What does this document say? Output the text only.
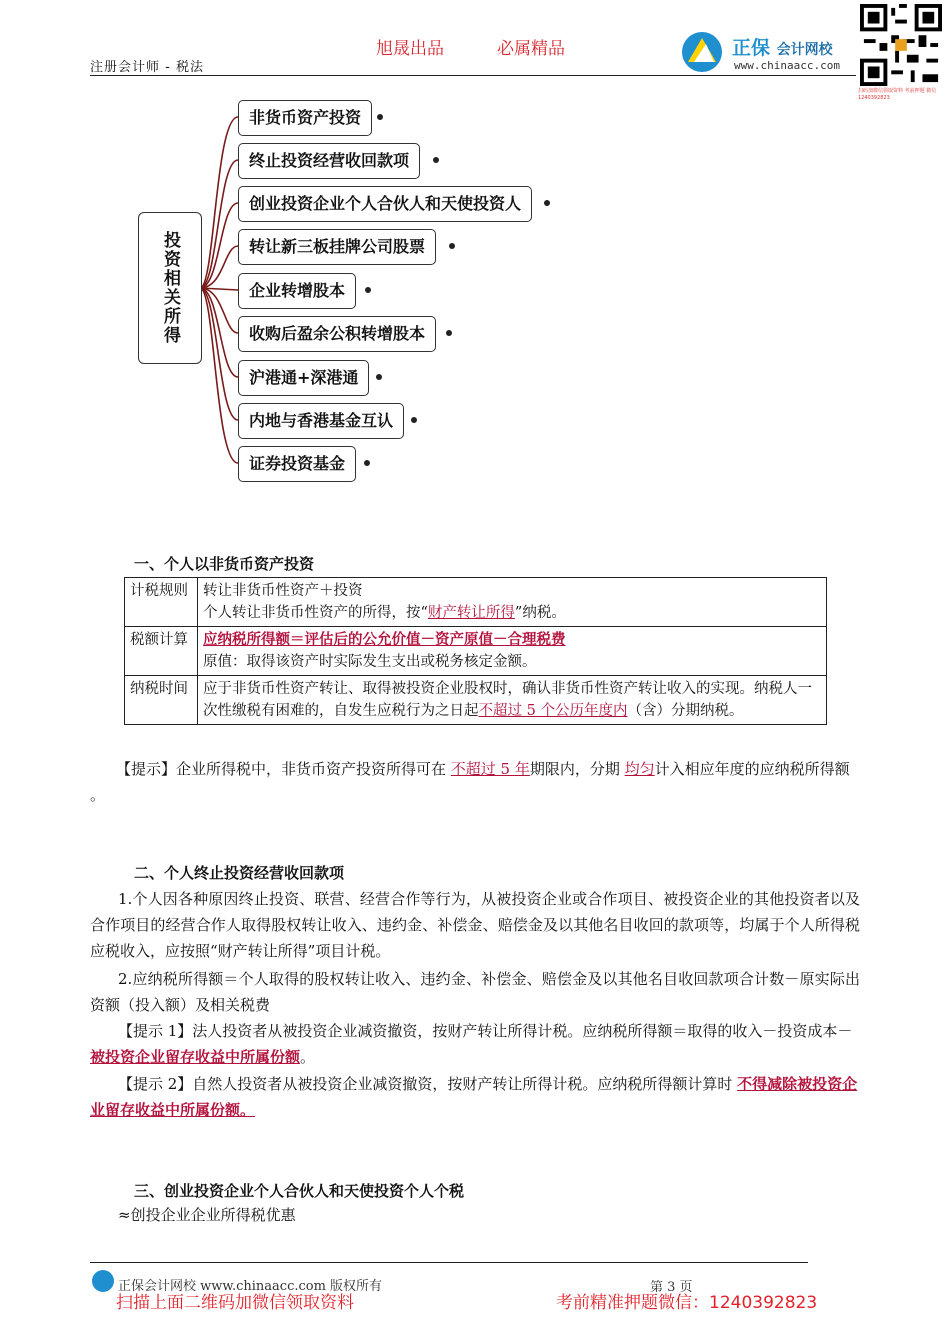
旭晟出品	必属精品
注册会计师 - 税法
正保 会计网校
www.chinaacc.com
扫码加微信领取资料 考前押题 微信 1240392823
投资相关所得
非货币资产投资
终止投资经营收回款项
创业投资企业个人合伙人和天使投资人
转让新三板挂牌公司股票
企业转增股本
收购后盈余公积转增股本
沪港通+深港通
内地与香港基金互认
证券投资基金
一、个人以非货币资产投资
计税规则	转让非货币性资产＋投资
个人转让非货币性资产的所得，按“财产转让所得”纳税。

税额计算	应纳税所得额＝评估后的公允价值－资产原值－合理税费
原值：取得该资产时实际发生支出或税务核定金额。

纳税时间	应于非货币性资产转让、取得被投资企业股权时，确认非货币性资产转让收入的实现。纳税人一次性缴税有困难的，自发生应税行为之日起不超过 5 个公历年度内（含）分期纳税。
【提示】企业所得税中，非货币资产投资所得可在 不超过 5 年期限内，分期 均匀计入相应年度的应纳税所得额 。
二、个人终止投资经营收回款项
1.个人因各种原因终止投资、联营、经营合作等行为，从被投资企业或合作项目、被投资企业的其他投资者以及合作项目的经营合作人取得股权转让收入、违约金、补偿金、赔偿金及以其他名目收回的款项等，均属于个人所得税应税收入，应按照“财产转让所得”项目计税。
2.应纳税所得额＝个人取得的股权转让收入、违约金、补偿金、赔偿金及以其他名目收回款项合计数－原实际出资额（投入额）及相关税费
【提示 1】法人投资者从被投资企业减资撤资，按财产转让所得计税。应纳税所得额＝取得的收入－投资成本－ 被投资企业留存收益中所属份额。
【提示 2】自然人投资者从被投资企业减资撤资，按财产转让所得计税。应纳税所得额计算时 不得减除被投资企业留存收益中所属份额。
三、创业投资企业个人合伙人和天使投资个人个税
≈创投企业企业所得税优惠
正保会计网校 www.chinaacc.com 版权所有	第 3 页
扫描上面二维码加微信领取资料	考前精准押题微信：1240392823
